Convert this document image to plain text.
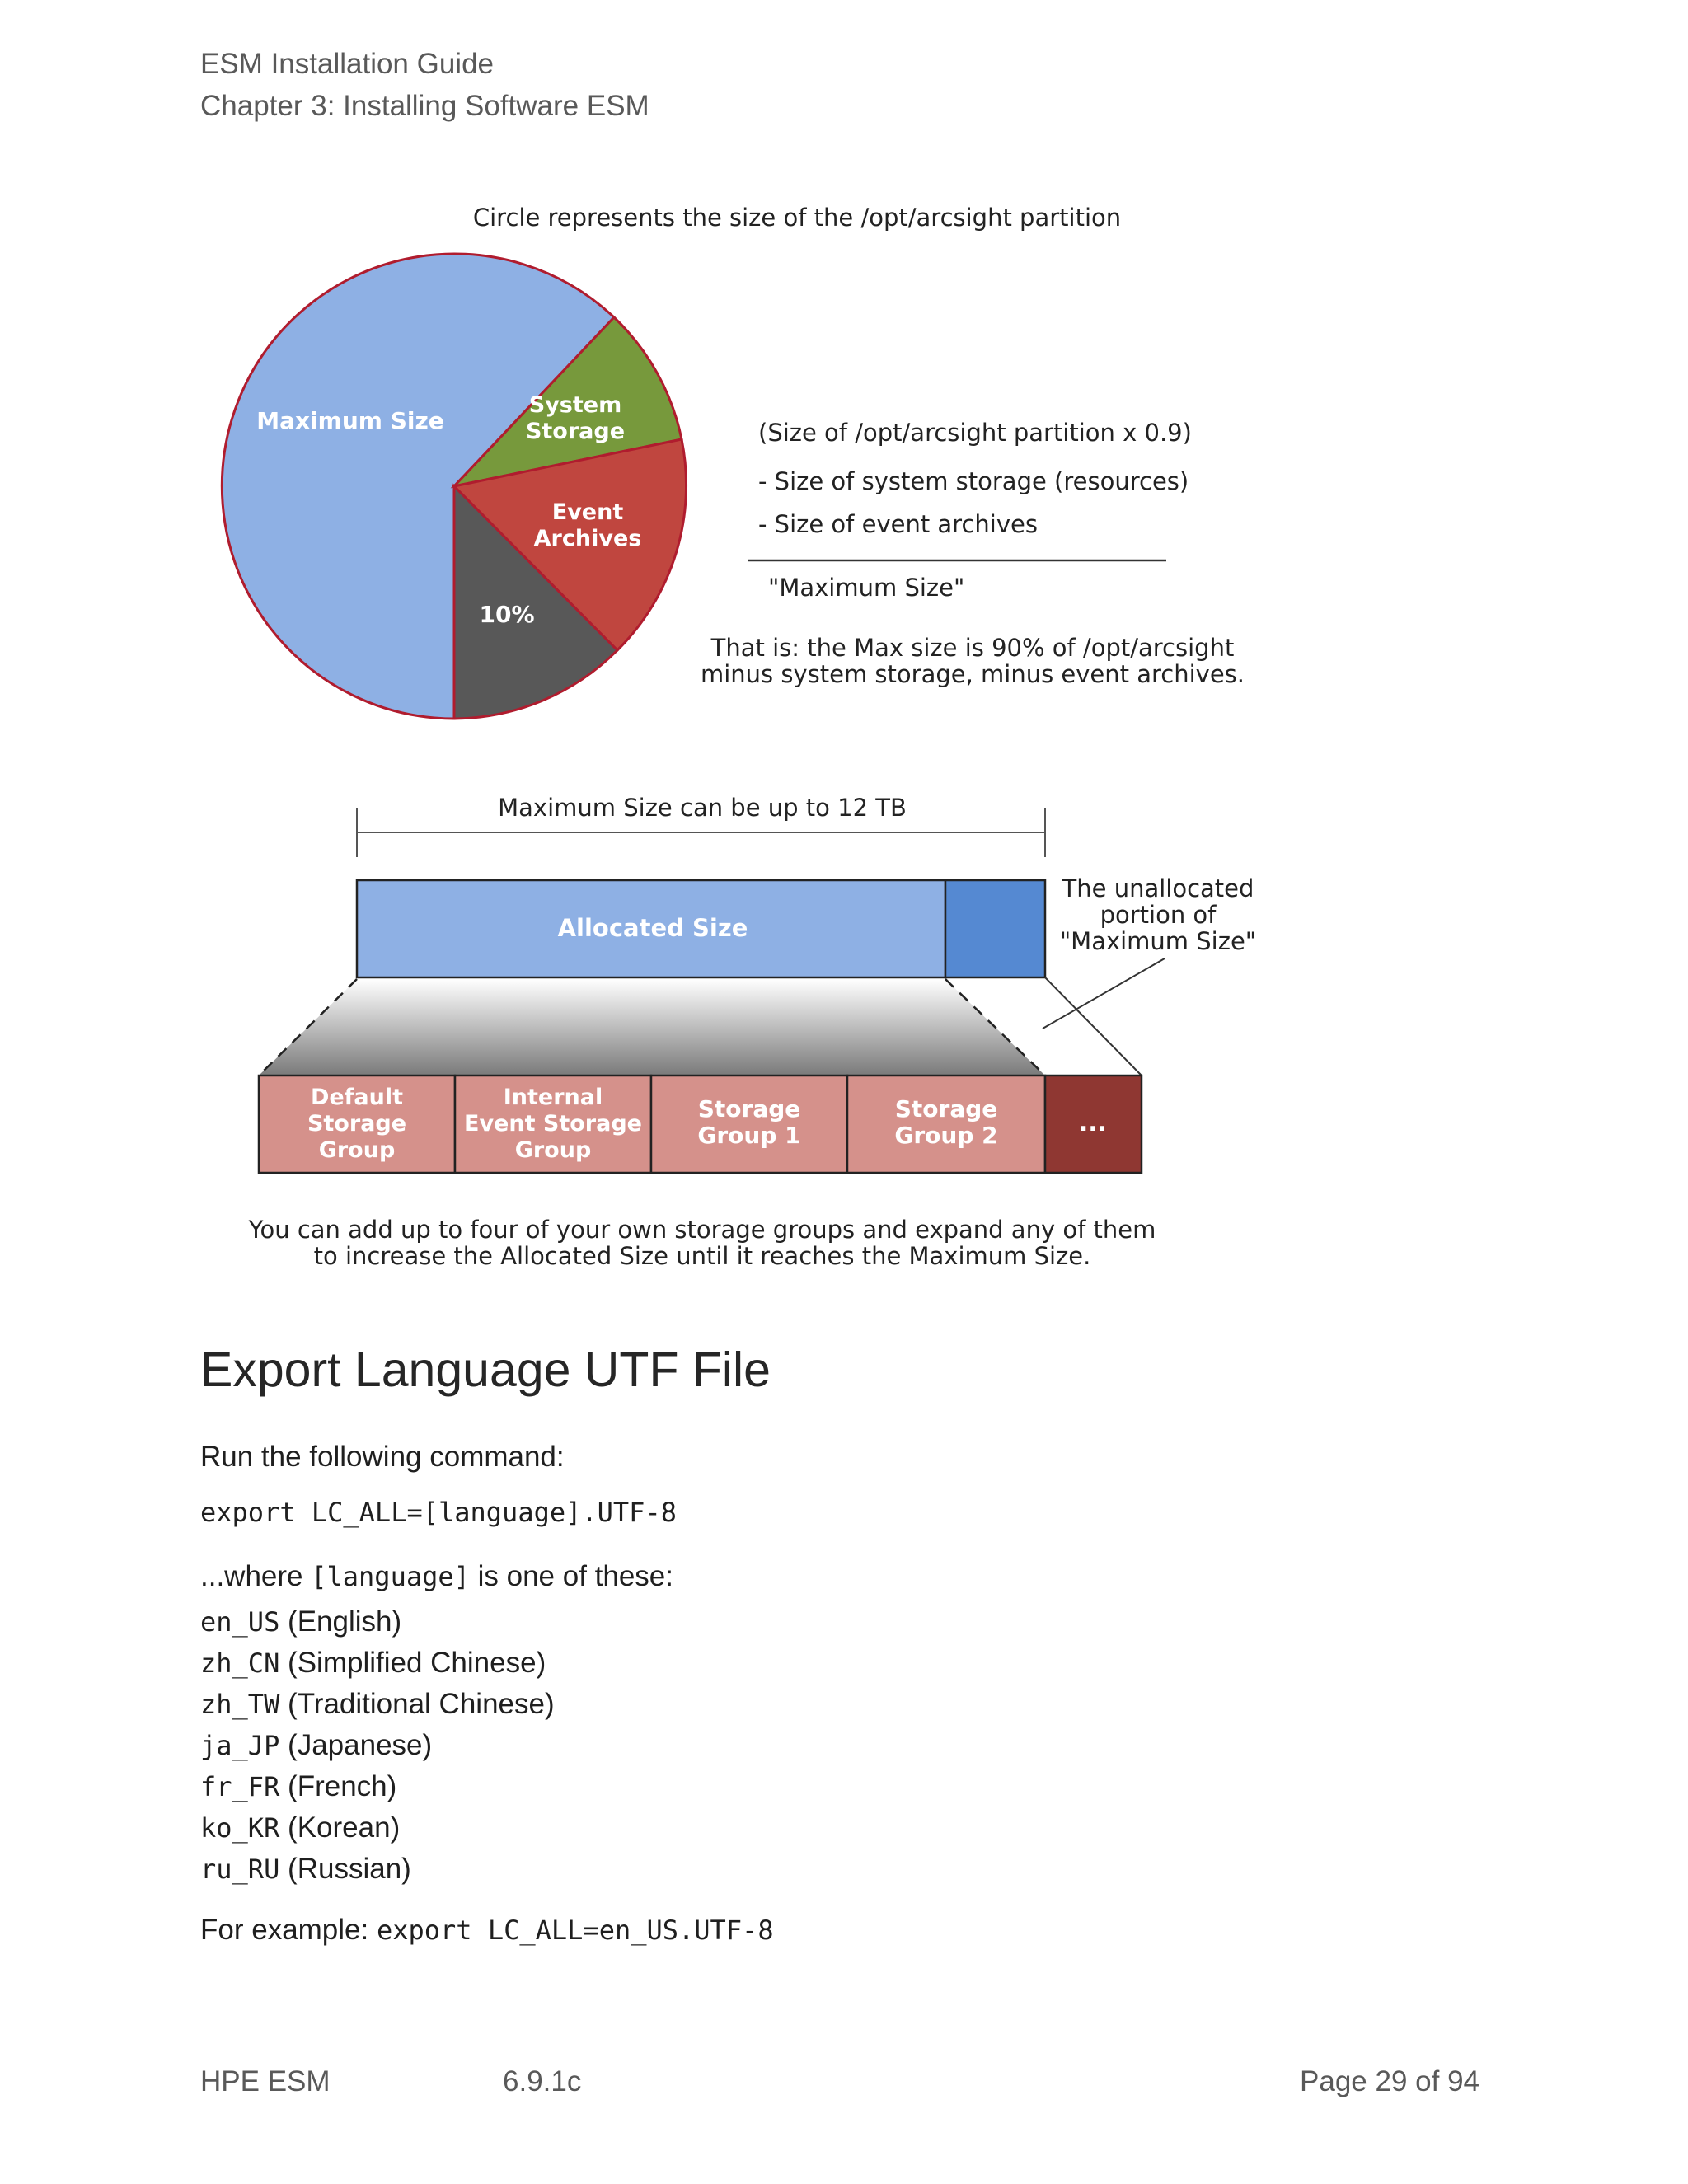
ESM Installation Guide
Chapter 3: Installing Software ESM
Circle represents the size of the /opt/arcsight partition
Maximum Size
System
Storage
Event
Archives
10%
(Size of /opt/arcsight partition x 0.9)
- Size of system storage (resources)
- Size of event archives
"Maximum Size"
That is: the Max size is 90% of /opt/arcsight
minus system storage, minus event archives.
Maximum Size can be up to 12 TB
Allocated Size
The unallocated
portion of
"Maximum Size"
Default
Storage
Group
Internal
Event Storage
Group
Storage
Group 1
Storage
Group 2	...
You can add up to four of your own storage groups and expand any of them
to increase the Allocated Size until it reaches the Maximum Size.
Export Language UTF File

Run the following command:

export LC_ALL=[language].UTF-8

...where [language] is one of these:

en_US (English)
zh_CN (Simplified Chinese)
zh_TW (Traditional Chinese)
ja_JP (Japanese)
fr_FR (French)
ko_KR (Korean)
ru_RU (Russian)

For example: export LC_ALL=en_US.UTF-8

HPE ESM	6.9.1c	Page 29 of 94
